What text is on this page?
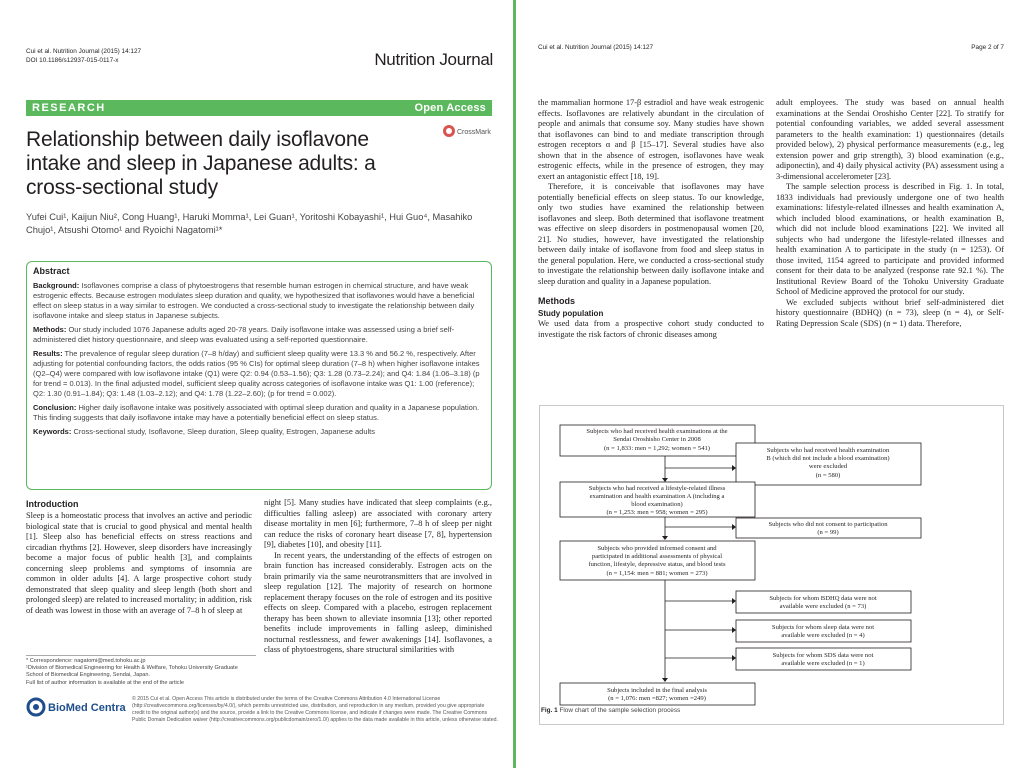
Cui et al. Nutrition Journal (2015) 14:127
DOI 10.1186/s12937-015-0117-x	Nutrition Journal
RESEARCH	Open Access
Relationship between daily isoflavone intake and sleep in Japanese adults: a cross-sectional study
CrossMark
Yufei Cui¹, Kaijun Niu², Cong Huang¹, Haruki Momma¹, Lei Guan¹, Yoritoshi Kobayashi¹, Hui Guo⁴, Masahiko Chujo¹, Atsushi Otomo¹ and Ryoichi Nagatomi¹*
Abstract

Background: Isoflavones comprise a class of phytoestrogens that resemble human estrogen in chemical structure, and have weak estrogenic effects. Because estrogen modulates sleep duration and quality, we hypothesized that isoflavones would have a beneficial effect on sleep status in a way similar to estrogen. We conducted a cross-sectional study to investigate the relationship between daily isoflavone intake and sleep status in Japanese subjects.

Methods: Our study included 1076 Japanese adults aged 20-78 years. Daily isoflavone intake was assessed using a brief self-administered diet history questionnaire, and sleep was evaluated using a self-reported questionnaire.

Results: The prevalence of regular sleep duration (7–8 h/day) and sufficient sleep quality were 13.3 % and 56.2 %, respectively. After adjusting for potential confounding factors, the odds ratios (95 % CIs) for optimal sleep duration (7–8 h) when higher isoflavone intakes (Q2–Q4) were compared with low isoflavone intake (Q1) were Q2: 0.94 (0.53–1.56); Q3: 1.28 (0.73–2.24); and Q4: 1.84 (1.06–3.18) (p for trend = 0.013). In the final adjusted model, sufficient sleep quality across categories of isoflavone intake was Q1: 1.00 (reference); Q2: 1.30 (0.91–1.84); Q3: 1.48 (1.03–2.12); and Q4: 1.78 (1.22–2.60); (p for trend = 0.002).

Conclusion: Higher daily isoflavone intake was positively associated with optimal sleep duration and quality in a Japanese population. This finding suggests that daily isoflavone intake may have a potentially beneficial effect on sleep status.

Keywords: Cross-sectional study, Isoflavone, Sleep duration, Sleep quality, Estrogen, Japanese adults

Introduction

Sleep is a homeostatic process that involves an active and periodic biological state that is crucial to good physical and mental health [1]. Sleep also has beneficial effects on stress reactions and circadian rhythms [2]. However, sleep disorders have increasingly become a major focus of public health [3], and complaints concerning sleep problems and symptoms of insomnia are common in older adults [4]. A large prospective cohort study demonstrated that sleep quality and sleep length (both short and prolonged sleep) are related to increased mortality; in addition, risk of death was lowest in those with an average of 7–8 h of sleep at

night [5]. Many studies have indicated that sleep complaints (e.g., difficulties falling asleep) are associated with coronary artery disease mortality in men [6]; furthermore, 7–8 h of sleep per night can reduce the risks of coronary heart disease [7, 8], hypertension [9], diabetes [10], and obesity [11].

In recent years, the understanding of the effects of estrogen on brain function has increased considerably. Estrogen acts on the brain primarily via the same neurotransmitters that are involved in sleep regulation [12]. The majority of research on hormone replacement therapy focuses on the role of estrogen and its positive effects on sleep. Compared with a placebo, estrogen replacement therapy has been shown to alleviate insomnia [13]; other reported benefits include improvements in falling asleep, diminished nocturnal restlessness, and fewer awakenings [14]. Isoflavones, a class of phytoestrogens, share structural similarities with

* Correspondence: nagatomi@med.tohoku.ac.jp
¹Division of Biomedical Engineering for Health & Welfare, Tohoku University Graduate School of Biomedical Engineering, Sendai, Japan.
Full list of author information is available at the end of the article
BioMed Central
© 2015 Cui et al. Open Access This article is distributed under the terms of the Creative Commons Attribution 4.0 International License (http://creativecommons.org/licenses/by/4.0/), which permits unrestricted use, distribution, and reproduction in any medium, provided you give appropriate credit to the original author(s) and the source, provide a link to the Creative Commons license, and indicate if changes were made. The Creative Commons Public Domain Dedication waiver (http://creativecommons.org/publicdomain/zero/1.0/) applies to the data made available in this article, unless otherwise stated.
Cui et al. Nutrition Journal (2015) 14:127	Page 2 of 7

the mammalian hormone 17-β estradiol and have weak estrogenic effects. Isoflavones are relatively abundant in the circulation of people and animals that consume soy. Many studies have shown that isoflavones can bind to and mediate transcription through estrogen receptors α and β [15–17]. Several studies have also shown that in the absence of estrogen, isoflavones have weak estrogenic effects, while in the presence of estrogen, they may exert an antagonistic effect [18, 19].

Therefore, it is conceivable that isoflavones may have potentially beneficial effects on sleep status. To our knowledge, only two studies have examined the relationship between isoflavones and sleep. Both determined that isoflavone treatment was effective on sleep disorders in postmenopausal women [20, 21]. No studies, however, have investigated the relationship between daily intake of isoflavone from food and sleep status in the general population. Here, we conducted a cross-sectional study to investigate the relationship between daily isoflavone intake and sleep duration and quality in a Japanese population.

Methods
Study population

We used data from a prospective cohort study conducted to investigate the risk factors of chronic diseases among

adult employees. The study was based on annual health examinations at the Sendai Oroshisho Center [22]. To stratify for potential confounding variables, we added several assessment parameters to the health examination: 1) questionnaires (details provided below), 2) physical performance measurements (e.g., leg extension power and grip strength), 3) blood examination (e.g., adiponectin), and 4) daily physical activity (PA) assessment using a 3-dimensional accelerometer [23].

The sample selection process is described in Fig. 1. In total, 1833 individuals had previously undergone one of two health examinations: lifestyle-related illnesses and health examination A, which included blood examinations, or health examination B, which did not include blood examinations [22]. We invited all subjects who had undergone the lifestyle-related illnesses and health examination A to participate in the study (n = 1253). Of those invited, 1154 agreed to participate and provided informed consent for their data to be analyzed (response rate 92.1 %). The Institutional Review Board of the Tohoku University Graduate School of Medicine approved the protocol for our study.

We excluded subjects without brief self-administered diet history questionnaire (BDHQ) (n = 73), sleep (n = 4), or Self-Rating Depression Scale (SDS) (n = 1) data. Therefore,

Subjects who had received health examinations at the
Sendai Oroshisho Center in 2008
(n = 1,833: men = 1,292; women = 541)	Subjects who had received health examination
B (which did not include a blood examination)
were excluded
(n = 580)
Subjects who had received a lifestyle-related illness
examination and health examination A (including a
blood examination)
(n = 1,253: men = 958; women = 295)
Subjects who did not consent to participation
(n = 99)
Subjects who provided informed consent and
participated in additional assessments of physical
function, lifestyle, depressive status, and blood tests
(n = 1,154: men = 881; women = 273)
Subjects for whom BDHQ data were not
available were excluded (n = 73)
Subjects for whom sleep data were not
available were excluded (n = 4)
Subjects for whom SDS data were not
available were excluded (n = 1)
Subjects included in the final analysis
(n = 1,076: men =827; women =249)
Fig. 1 Flow chart of the sample selection process
